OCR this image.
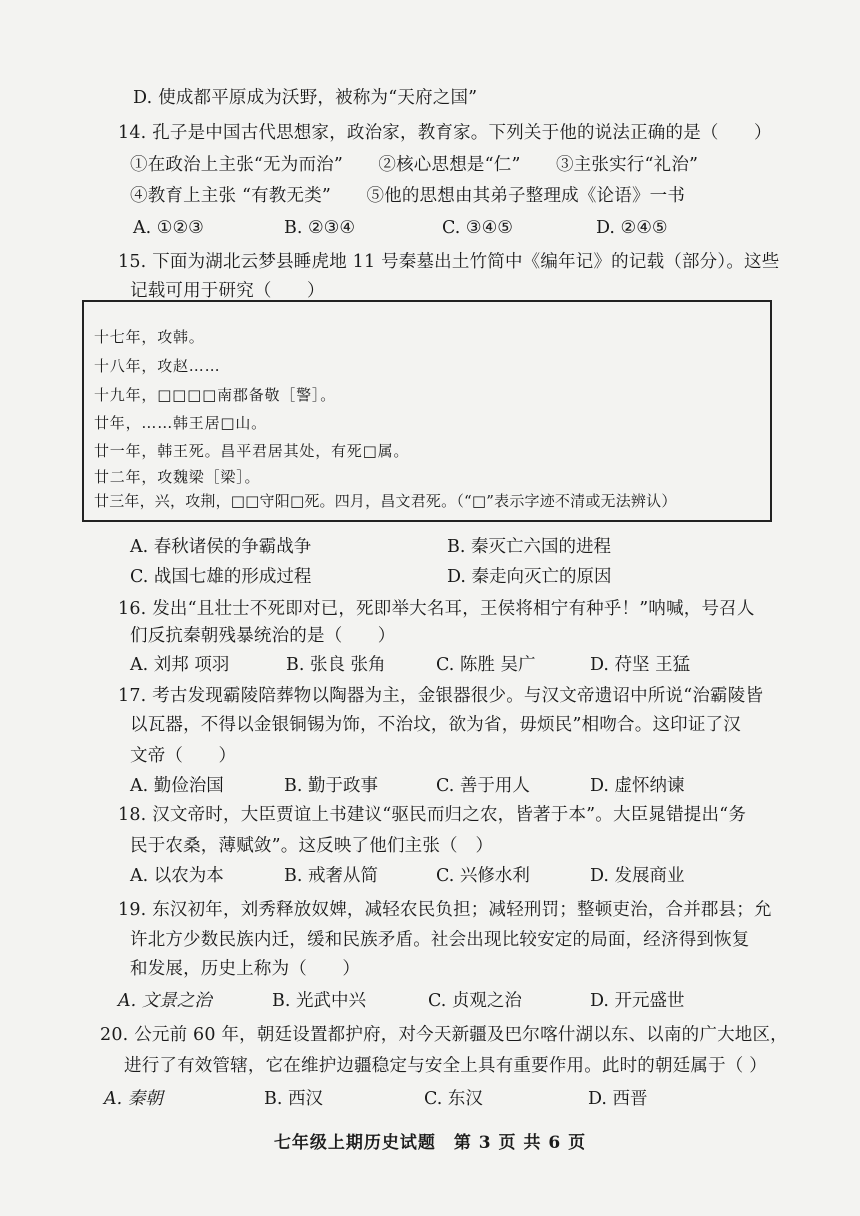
D. 使成都平原成为沃野，被称为“天府之国”
14. 孔子是中国古代思想家，政治家，教育家。下列关于他的说法正确的是（　　）
①在政治上主张“无为而治”　　②核心思想是“仁”　　③主张实行“礼治”
④教育上主张 “有教无类”　　⑤他的思想由其弟子整理成《论语》一书
A. ①②③	B. ②③④	C. ③④⑤	D. ②④⑤
15. 下面为湖北云梦县睡虎地 11 号秦墓出土竹简中《编年记》的记载（部分）。这些
记载可用于研究（　　）
十七年，攻韩。
十八年，攻赵……
十九年，□□□□南郡备敬［警］。
廿年，……韩王居□山。
廿一年，韩王死。昌平君居其处，有死□属。
廿二年，攻魏梁［梁］。
廿三年，兴，攻荆，□□守阳□死。四月，昌文君死。（“□”表示字迹不清或无法辨认）
A. 春秋诸侯的争霸战争	B. 秦灭亡六国的进程
C. 战国七雄的形成过程	D. 秦走向灭亡的原因
16. 发出“且壮士不死即对已，死即举大名耳，王侯将相宁有种乎！”呐喊，号召人
们反抗秦朝残暴统治的是（　　）
A. 刘邦 项羽	B. 张良 张角	C. 陈胜 吴广	D. 苻坚 王猛
17. 考古发现霸陵陪葬物以陶器为主，金银器很少。与汉文帝遗诏中所说“治霸陵皆
以瓦器，不得以金银铜锡为饰，不治坟，欲为省，毋烦民”相吻合。这印证了汉
文帝（　　）
A. 勤俭治国	B. 勤于政事	C. 善于用人	D. 虚怀纳谏
18. 汉文帝时，大臣贾谊上书建议“驱民而归之农，皆著于本”。大臣晁错提出“务
民于农桑，薄赋敛”。这反映了他们主张（　）
A. 以农为本	B. 戒奢从简	C. 兴修水利	D. 发展商业
19. 东汉初年，刘秀释放奴婢，减轻农民负担；减轻刑罚；整顿吏治，合并郡县；允
许北方少数民族内迁，缓和民族矛盾。社会出现比较安定的局面，经济得到恢复
和发展，历史上称为（　　）
A. 文景之治	B. 光武中兴	C. 贞观之治	D. 开元盛世
20. 公元前 60 年，朝廷设置都护府，对今天新疆及巴尔喀什湖以东、以南的广大地区，
进行了有效管辖，它在维护边疆稳定与安全上具有重要作用。此时的朝廷属于（ ）
A. 秦朝	B. 西汉	C. 东汉	D. 西晋
七年级上期历史试题　第 3 页 共 6 页
